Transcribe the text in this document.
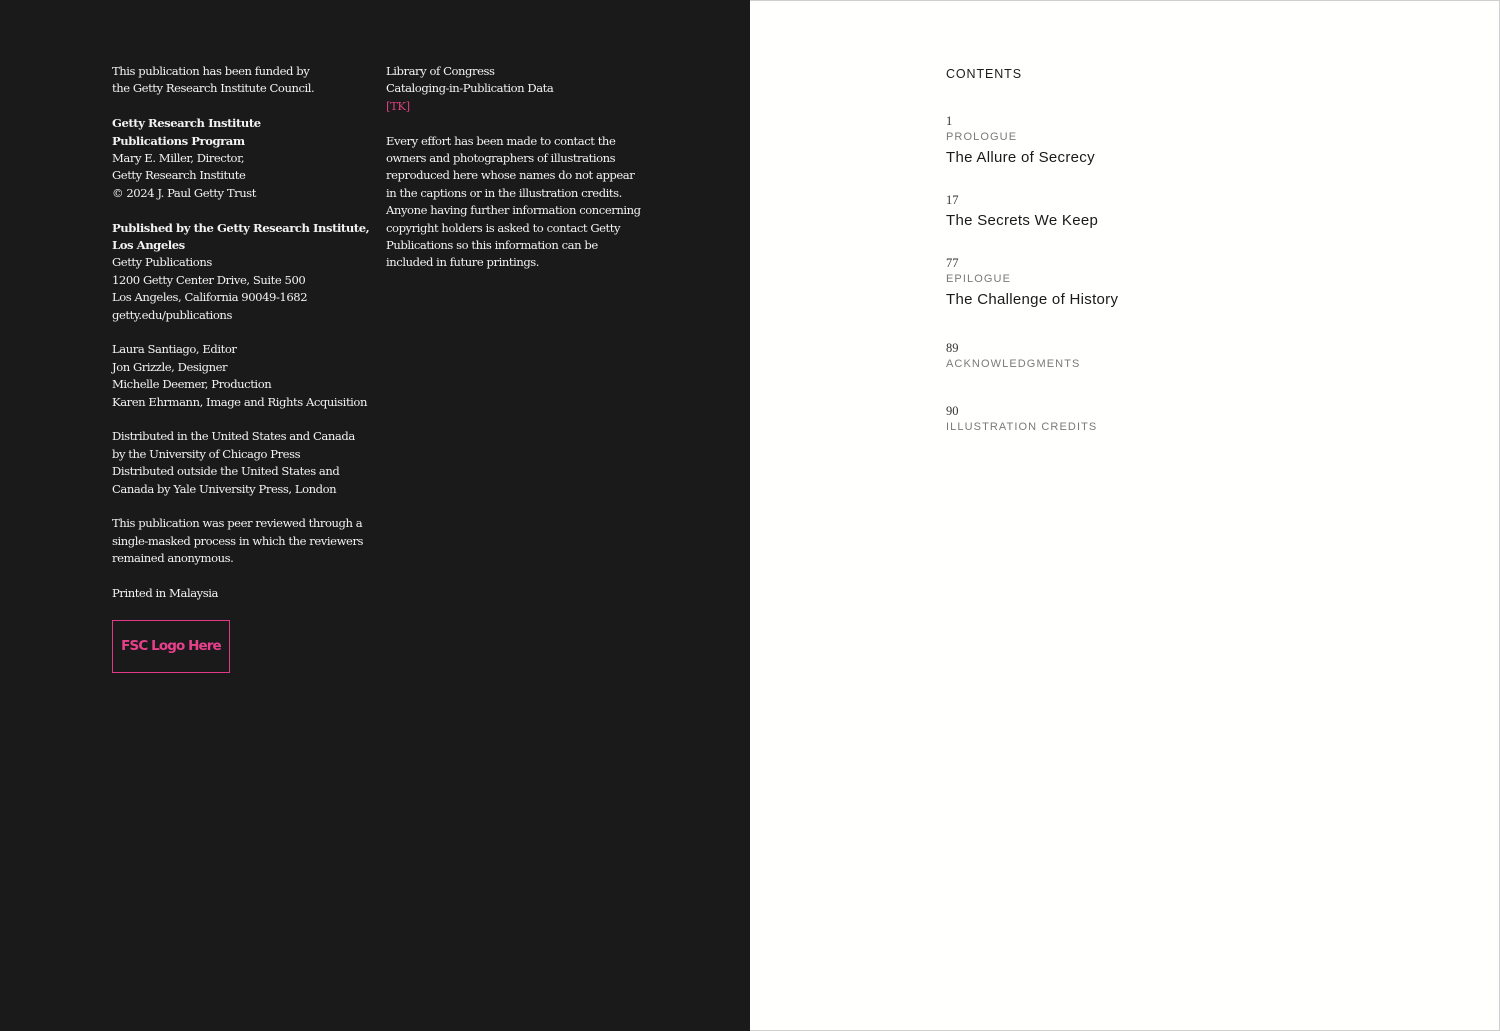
This publication has been funded by
the Getty Research Institute Council.
Getty Research Institute
Publications Program
Mary E. Miller, Director,
Getty Research Institute
© 2024 J. Paul Getty Trust
Published by the Getty Research Institute,
Los Angeles
Getty Publications
1200 Getty Center Drive, Suite 500
Los Angeles, California 90049-1682
getty.edu/publications
Laura Santiago, Editor
Jon Grizzle, Designer
Michelle Deemer, Production
Karen Ehrmann, Image and Rights Acquisition
Distributed in the United States and Canada
by the University of Chicago Press
Distributed outside the United States and
Canada by Yale University Press, London
This publication was peer reviewed through a
single-masked process in which the reviewers
remained anonymous.
Printed in Malaysia
FSC Logo Here
Library of Congress
Cataloging-in-Publication Data
[TK]
Every effort has been made to contact the
owners and photographers of illustrations
reproduced here whose names do not appear
in the captions or in the illustration credits.
Anyone having further information concerning
copyright holders is asked to contact Getty
Publications so this information can be
included in future printings.
CONTENTS
1
PROLOGUE
The Allure of Secrecy
17
The Secrets We Keep
77
EPILOGUE
The Challenge of History
89
ACKNOWLEDGMENTS
90
ILLUSTRATION CREDITS
